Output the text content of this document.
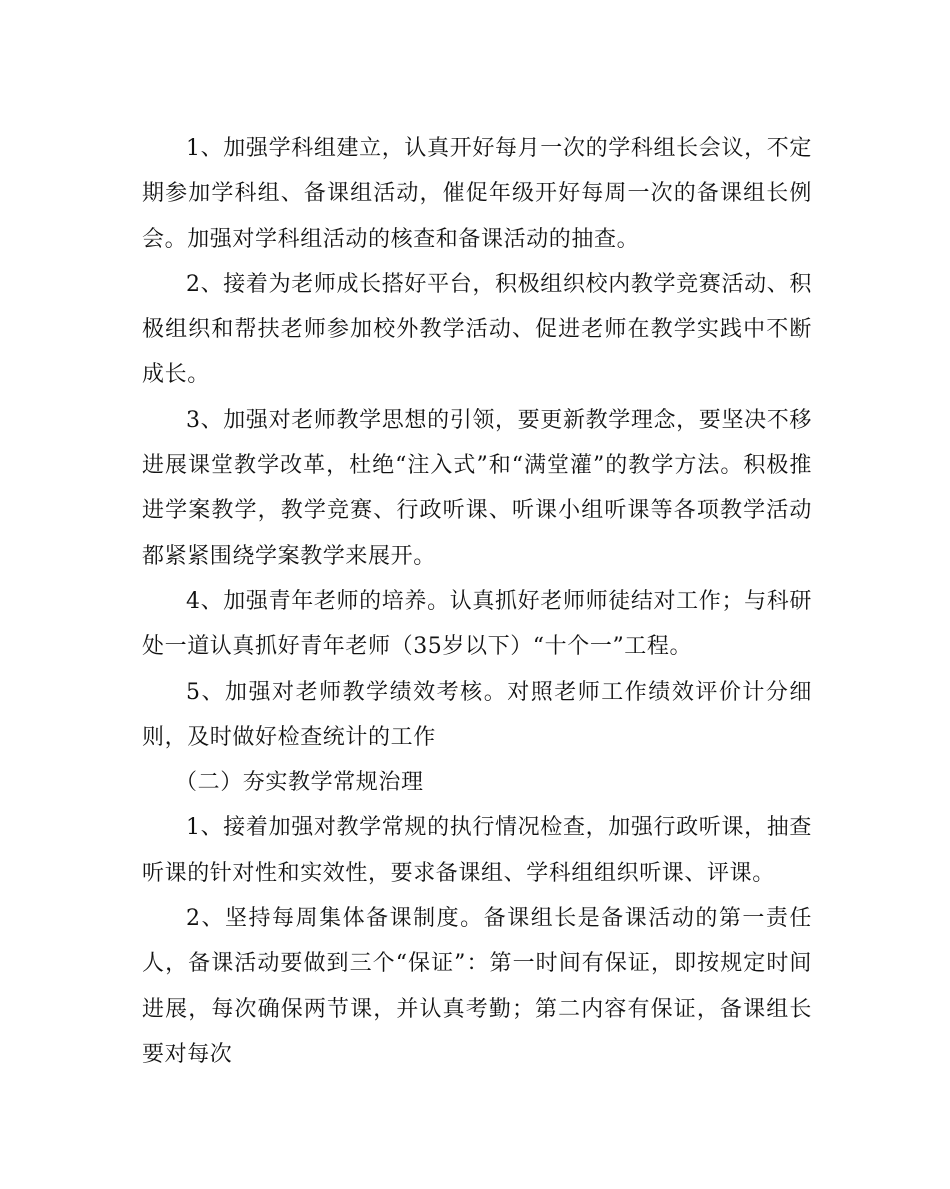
1、加强学科组建立，认真开好每月一次的学科组长会议，不定期参加学科组、备课组活动，催促年级开好每周一次的备课组长例会。加强对学科组活动的核查和备课活动的抽查。

2、接着为老师成长搭好平台，积极组织校内教学竞赛活动、积极组织和帮扶老师参加校外教学活动、促进老师在教学实践中不断成长。

3、加强对老师教学思想的引领，要更新教学理念，要坚决不移进展课堂教学改革，杜绝“注入式”和“满堂灌”的教学方法。积极推进学案教学，教学竞赛、行政听课、听课小组听课等各项教学活动都紧紧围绕学案教学来展开。

4、加强青年老师的培养。认真抓好老师师徒结对工作；与科研处一道认真抓好青年老师（35岁以下）“十个一”工程。

5、加强对老师教学绩效考核。对照老师工作绩效评价计分细则，及时做好检查统计的工作

（二）夯实教学常规治理

1、接着加强对教学常规的执行情况检查，加强行政听课，抽查听课的针对性和实效性，要求备课组、学科组组织听课、评课。

2、坚持每周集体备课制度。备课组长是备课活动的第一责任人，备课活动要做到三个“保证”：第一时间有保证，即按规定时间进展，每次确保两节课，并认真考勤；第二内容有保证，备课组长要对每次
